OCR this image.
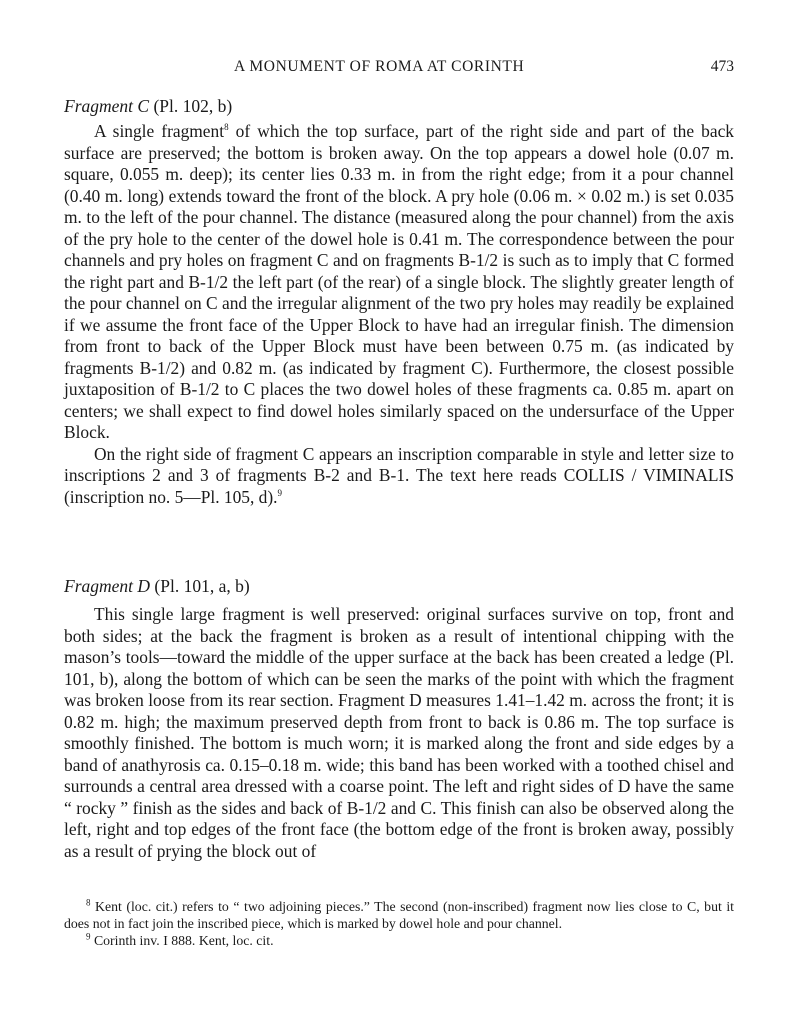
A MONUMENT OF ROMA AT CORINTH	473
Fragment C (Pl. 102, b)

A single fragment$^8$ of which the top surface, part of the right side and part of the back surface are preserved; the bottom is broken away. On the top appears a dowel hole (0.07 m. square, 0.055 m. deep); its center lies 0.33 m. in from the right edge; from it a pour channel (0.40 m. long) extends toward the front of the block. A pry hole (0.06 m. × 0.02 m.) is set 0.035 m. to the left of the pour channel. The distance (measured along the pour channel) from the axis of the pry hole to the center of the dowel hole is 0.41 m. The correspondence between the pour channels and pry holes on fragment C and on fragments B-1/2 is such as to imply that C formed the right part and B-1/2 the left part (of the rear) of a single block. The slightly greater length of the pour channel on C and the irregular alignment of the two pry holes may readily be explained if we assume the front face of the Upper Block to have had an irregular finish. The dimension from front to back of the Upper Block must have been between 0.75 m. (as indicated by fragments B-1/2) and 0.82 m. (as indicated by fragment C). Furthermore, the closest possible juxtaposition of B-1/2 to C places the two dowel holes of these fragments ca. 0.85 m. apart on centers; we shall expect to find dowel holes similarly spaced on the undersurface of the Upper Block.

On the right side of fragment C appears an inscription comparable in style and letter size to inscriptions 2 and 3 of fragments B-2 and B-1. The text here reads COLLIS / VIMINALIS (inscription no. 5—Pl. 105, d).$^9$

Fragment D (Pl. 101, a, b)

This single large fragment is well preserved: original surfaces survive on top, front and both sides; at the back the fragment is broken as a result of intentional chipping with the mason’s tools—toward the middle of the upper surface at the back has been created a ledge (Pl. 101, b), along the bottom of which can be seen the marks of the point with which the fragment was broken loose from its rear section. Fragment D measures 1.41–1.42 m. across the front; it is 0.82 m. high; the maximum preserved depth from front to back is 0.86 m. The top surface is smoothly finished. The bottom is much worn; it is marked along the front and side edges by a band of anathyrosis ca. 0.15–0.18 m. wide; this band has been worked with a toothed chisel and surrounds a central area dressed with a coarse point. The left and right sides of D have the same “ rocky ” finish as the sides and back of B-1/2 and C. This finish can also be observed along the left, right and top edges of the front face (the bottom edge of the front is broken away, possibly as a result of prying the block out of

$^8$ Kent (loc. cit.) refers to “ two adjoining pieces.” The second (non-inscribed) fragment now lies close to C, but it does not in fact join the inscribed piece, which is marked by dowel hole and pour channel.

$^9$ Corinth inv. I 888. Kent, loc. cit.
